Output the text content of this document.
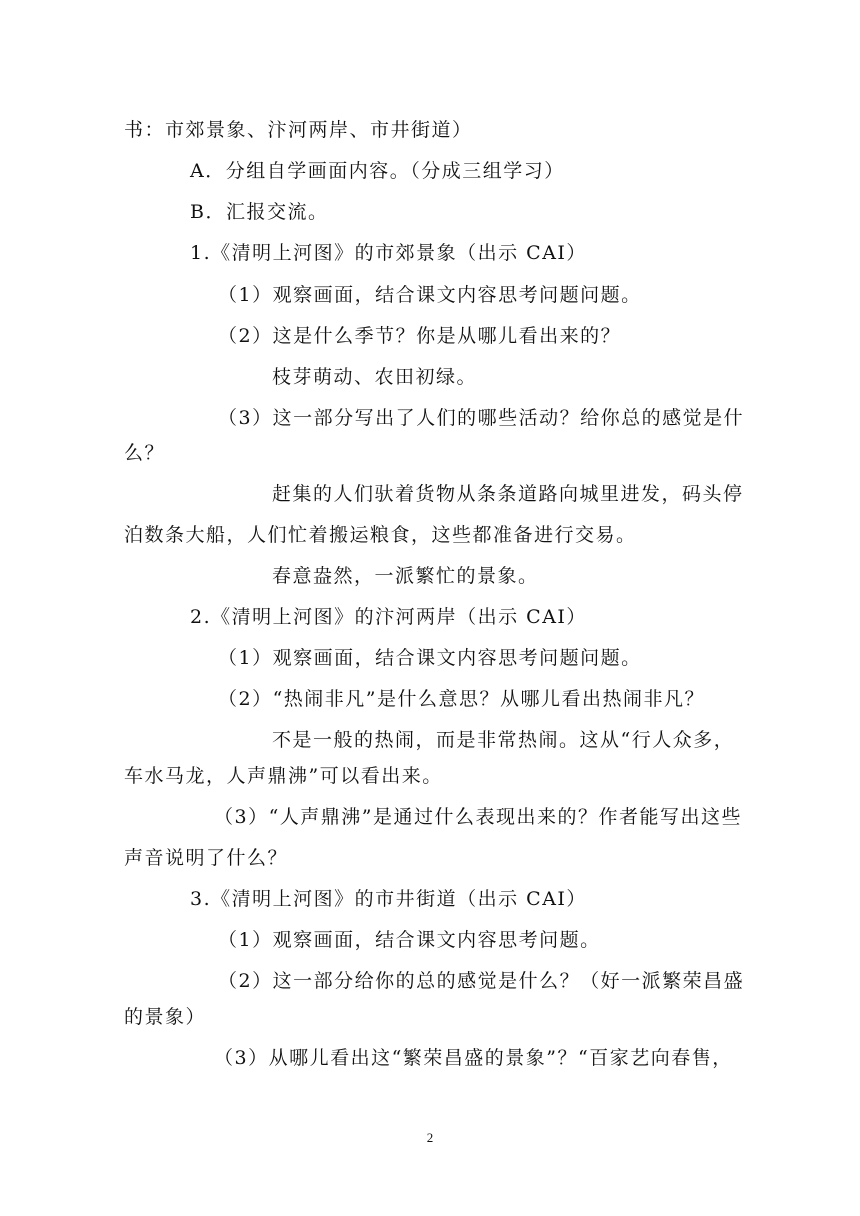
书：市郊景象、汴河两岸、市井街道）
A．分组自学画面内容。（分成三组学习）
B．汇报交流。
1.《清明上河图》的市郊景象（出示 CAI）
（1）观察画面，结合课文内容思考问题问题。
（2）这是什么季节？你是从哪儿看出来的？
枝芽萌动、农田初绿。
（3）这一部分写出了人们的哪些活动？给你总的感觉是什
么？
赶集的人们驮着货物从条条道路向城里进发，码头停
泊数条大船，人们忙着搬运粮食，这些都准备进行交易。
春意盎然，一派繁忙的景象。
2.《清明上河图》的汴河两岸（出示 CAI）
（1）观察画面，结合课文内容思考问题问题。
（2）“热闹非凡”是什么意思？从哪儿看出热闹非凡？
不是一般的热闹，而是非常热闹。这从“行人众多，
车水马龙，人声鼎沸”可以看出来。
（3）“人声鼎沸”是通过什么表现出来的？作者能写出这些
声音说明了什么？
3.《清明上河图》的市井街道（出示 CAI）
（1）观察画面，结合课文内容思考问题。
（2）这一部分给你的总的感觉是什么？（好一派繁荣昌盛
的景象）
（3）从哪儿看出这“繁荣昌盛的景象”？“百家艺向春售，
2
